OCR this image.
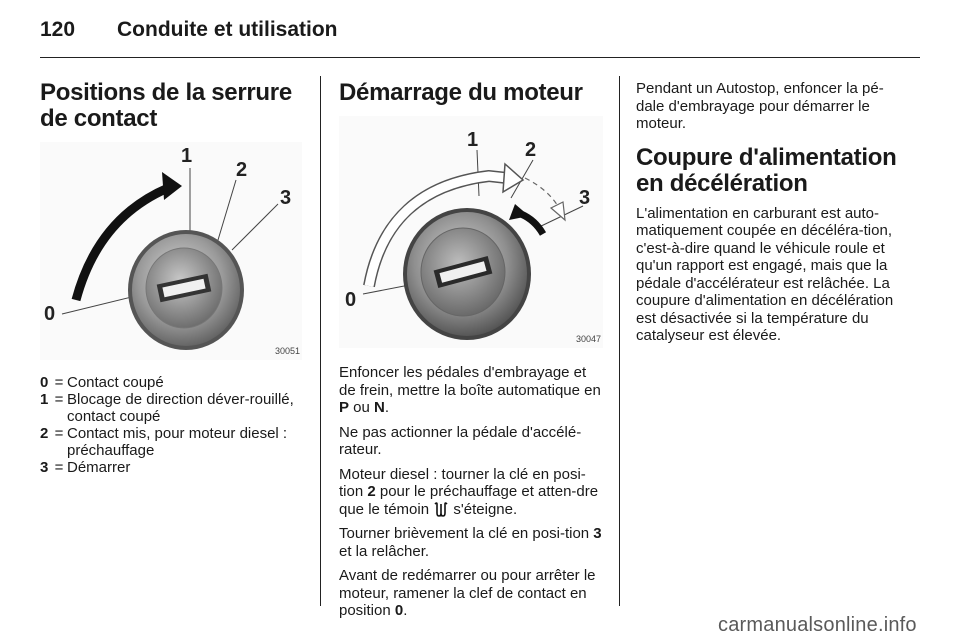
120 Conduite et utilisation
Positions de la serrure de contact
0
1
2
3
30051
0 = Contact coupé
1 = Blocage de direction déver-rouillé, contact coupé
2 = Contact mis, pour moteur diesel : préchauffage
3 = Démarrer
Démarrage du moteur
0
1 2
3
30047

Enfoncer les pédales d'embrayage et de frein, mettre la boîte automatique en P ou N.

Ne pas actionner la pédale d'accélé-rateur.

Moteur diesel : tourner la clé en posi-tion 2 pour le préchauffage et atten-dre que le témoin  s'éteigne.

Tourner brièvement la clé en posi-tion 3 et la relâcher.

Avant de redémarrer ou pour arrêter le moteur, ramener la clef de contact en position 0.

Pendant un Autostop, enfoncer la pé-dale d'embrayage pour démarrer le moteur.

Coupure d'alimentation en décélération

L'alimentation en carburant est auto-matiquement coupée en décéléra-tion, c'est-à-dire quand le véhicule roule et qu'un rapport est engagé, mais que la pédale d'accélérateur est relâchée. La coupure d'alimentation en décélération est désactivée si la température du catalyseur est élevée.

carmanualsonline.info
